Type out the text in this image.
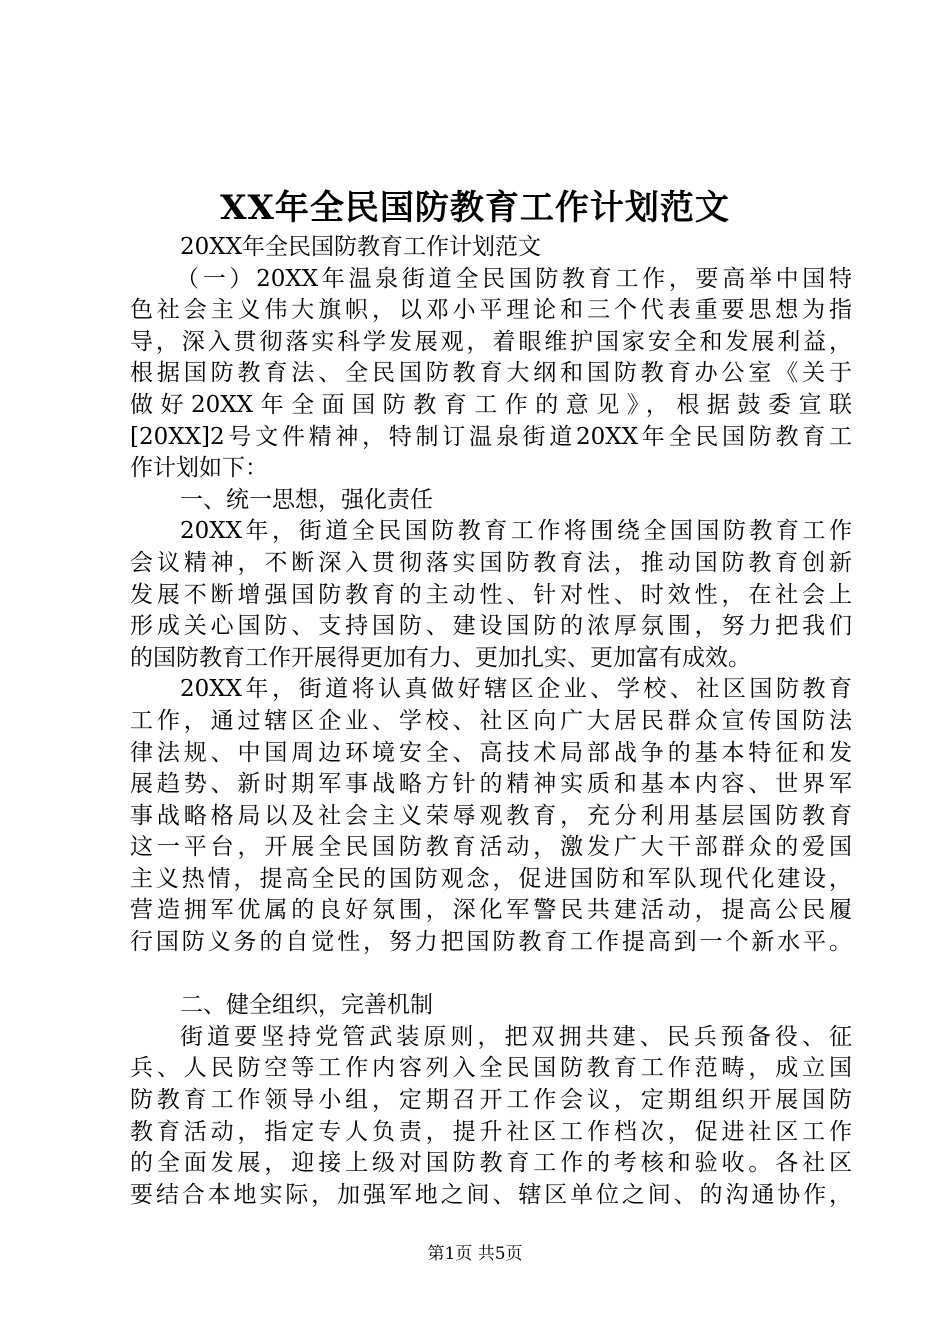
XX年全民国防教育工作计划范文
20XX年全民国防教育工作计划范文
（一）20XX年温泉街道全民国防教育工作，要高举中国特
色社会主义伟大旗帜，以邓小平理论和三个代表重要思想为指
导，深入贯彻落实科学发展观，着眼维护国家安全和发展利益，
根据国防教育法、全民国防教育大纲和国防教育办公室《关于
做好20XX年全面国防教育工作的意见》，根据鼓委宣联
[20XX]2号文件精神，特制订温泉街道20XX年全民国防教育工
作计划如下：
一、统一思想，强化责任
20XX年，街道全民国防教育工作将围绕全国国防教育工作
会议精神，不断深入贯彻落实国防教育法，推动国防教育创新
发展不断增强国防教育的主动性、针对性、时效性，在社会上
形成关心国防、支持国防、建设国防的浓厚氛围，努力把我们
的国防教育工作开展得更加有力、更加扎实、更加富有成效。
20XX年，街道将认真做好辖区企业、学校、社区国防教育
工作，通过辖区企业、学校、社区向广大居民群众宣传国防法
律法规、中国周边环境安全、高技术局部战争的基本特征和发
展趋势、新时期军事战略方针的精神实质和基本内容、世界军
事战略格局以及社会主义荣辱观教育，充分利用基层国防教育
这一平台，开展全民国防教育活动，激发广大干部群众的爱国
主义热情，提高全民的国防观念，促进国防和军队现代化建设，
营造拥军优属的良好氛围，深化军警民共建活动，提高公民履
行国防义务的自觉性，努力把国防教育工作提高到一个新水平。
二、健全组织，完善机制
街道要坚持党管武装原则，把双拥共建、民兵预备役、征
兵、人民防空等工作内容列入全民国防教育工作范畴，成立国
防教育工作领导小组，定期召开工作会议，定期组织开展国防
教育活动，指定专人负责，提升社区工作档次，促进社区工作
的全面发展，迎接上级对国防教育工作的考核和验收。各社区
要结合本地实际，加强军地之间、辖区单位之间、的沟通协作，
第1页 共5页
